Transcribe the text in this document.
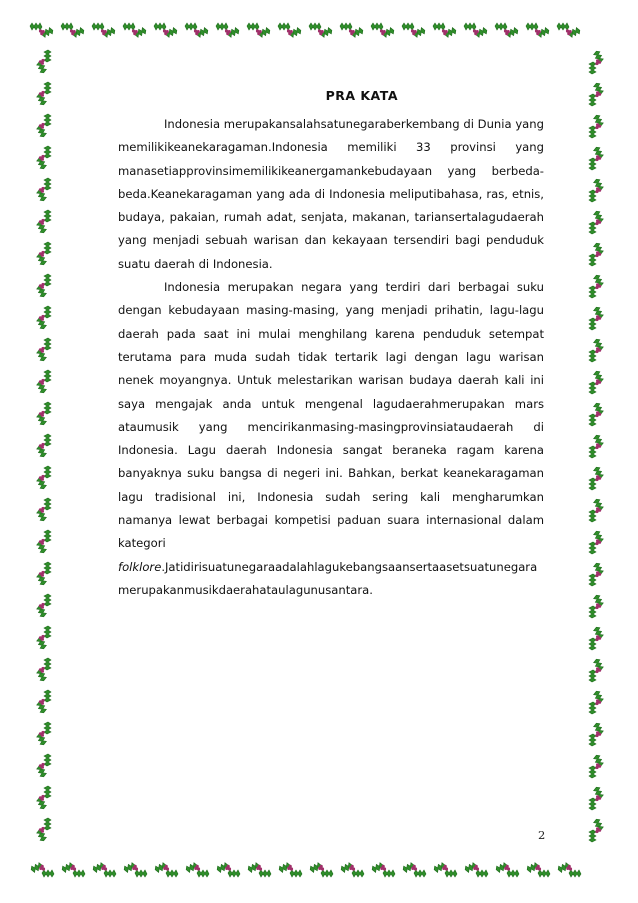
PRA KATA

Indonesia merupakansalahsatunegaraberkembang di Dunia yang memilikikeanekaragaman.Indonesia memiliki 33 provinsi yang manasetiapprovinsimemilikikeanergamankebudayaan yang berbeda-beda.Keanekaragaman yang ada di Indonesia meliputibahasa, ras, etnis, budaya, pakaian, rumah adat, senjata, makanan, tariansertalagudaerah yang menjadi sebuah warisan dan kekayaan tersendiri bagi penduduk suatu daerah di Indonesia.

Indonesia merupakan negara yang terdiri dari berbagai suku dengan kebudayaan masing-masing, yang menjadi prihatin, lagu-lagu daerah pada saat ini mulai menghilang karena penduduk setempat terutama para muda sudah tidak tertarik lagi dengan lagu warisan nenek moyangnya. Untuk melestarikan warisan budaya daerah kali ini saya mengajak anda untuk mengenal lagudaerahmerupakan mars ataumusik yang mencirikanmasing-masingprovinsiataudaerah di Indonesia. Lagu daerah Indonesia sangat beraneka ragam karena banyaknya suku bangsa di negeri ini. Bahkan, berkat keanekaragaman lagu tradisional ini, Indonesia sudah sering kali mengharumkan namanya lewat berbagai kompetisi paduan suara internasional dalam kategori folklore.Jatidirisuatunegaraadalahlagukebangsaansertaasetsuatunegaramerupakanmusikdaerahataulagunusantara.

2
